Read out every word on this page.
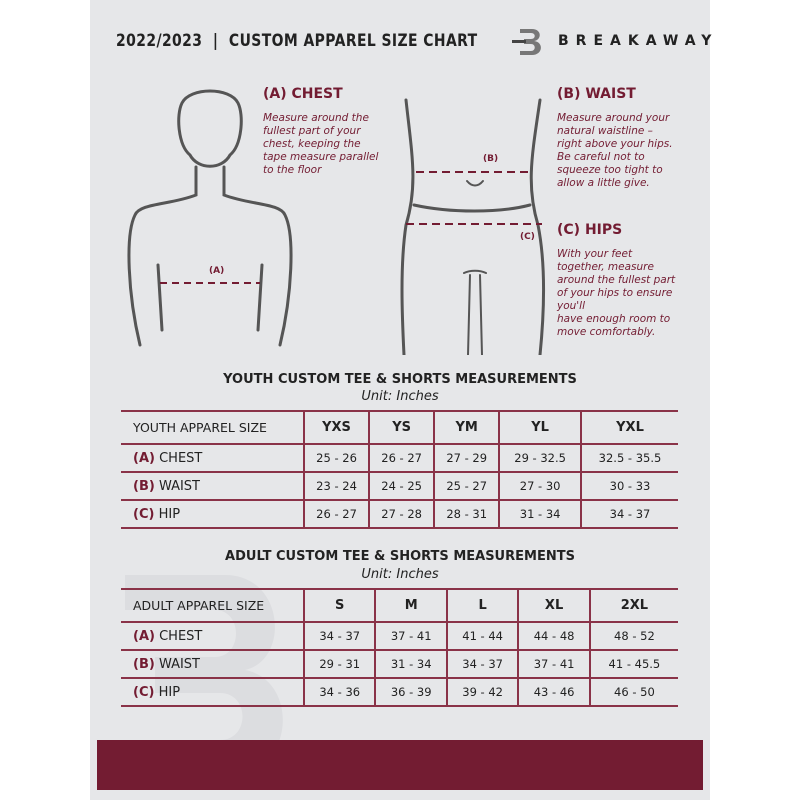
2022/2023  |  CUSTOM APPAREL SIZE CHART	BREAKAWAY
(A)
(B)
(C)
(A) CHEST
Measure around the
fullest part of your
chest, keeping the
tape measure parallel
to the floor
(B) WAIST
Measure around your
natural waistline –
right above your hips.
Be careful not to
squeeze too tight to
allow a little give.
(C) HIPS
With your feet
together, measure
around the fullest part
of your hips to ensure
you'll
have enough room to
move comfortably.
YOUTH CUSTOM TEE & SHORTS MEASUREMENTS
Unit: Inches
YOUTH APPAREL SIZE	YXS	YS	YM	YL	YXL
(A) CHEST	25 - 26	26 - 27	27 - 29	29 - 32.5	32.5 - 35.5
(B) WAIST	23 - 24	24 - 25	25 - 27	27 - 30	30 - 33
(C) HIP	26 - 27	27 - 28	28 - 31	31 - 34	34 - 37
ADULT CUSTOM TEE & SHORTS MEASUREMENTS
Unit: Inches
ADULT APPAREL SIZE	S	M	L	XL	2XL
(A) CHEST	34 - 37	37 - 41	41 - 44	44 - 48	48 - 52
(B) WAIST	29 - 31	31 - 34	34 - 37	37 - 41	41 - 45.5
(C) HIP	34 - 36	36 - 39	39 - 42	43 - 46	46 - 50
